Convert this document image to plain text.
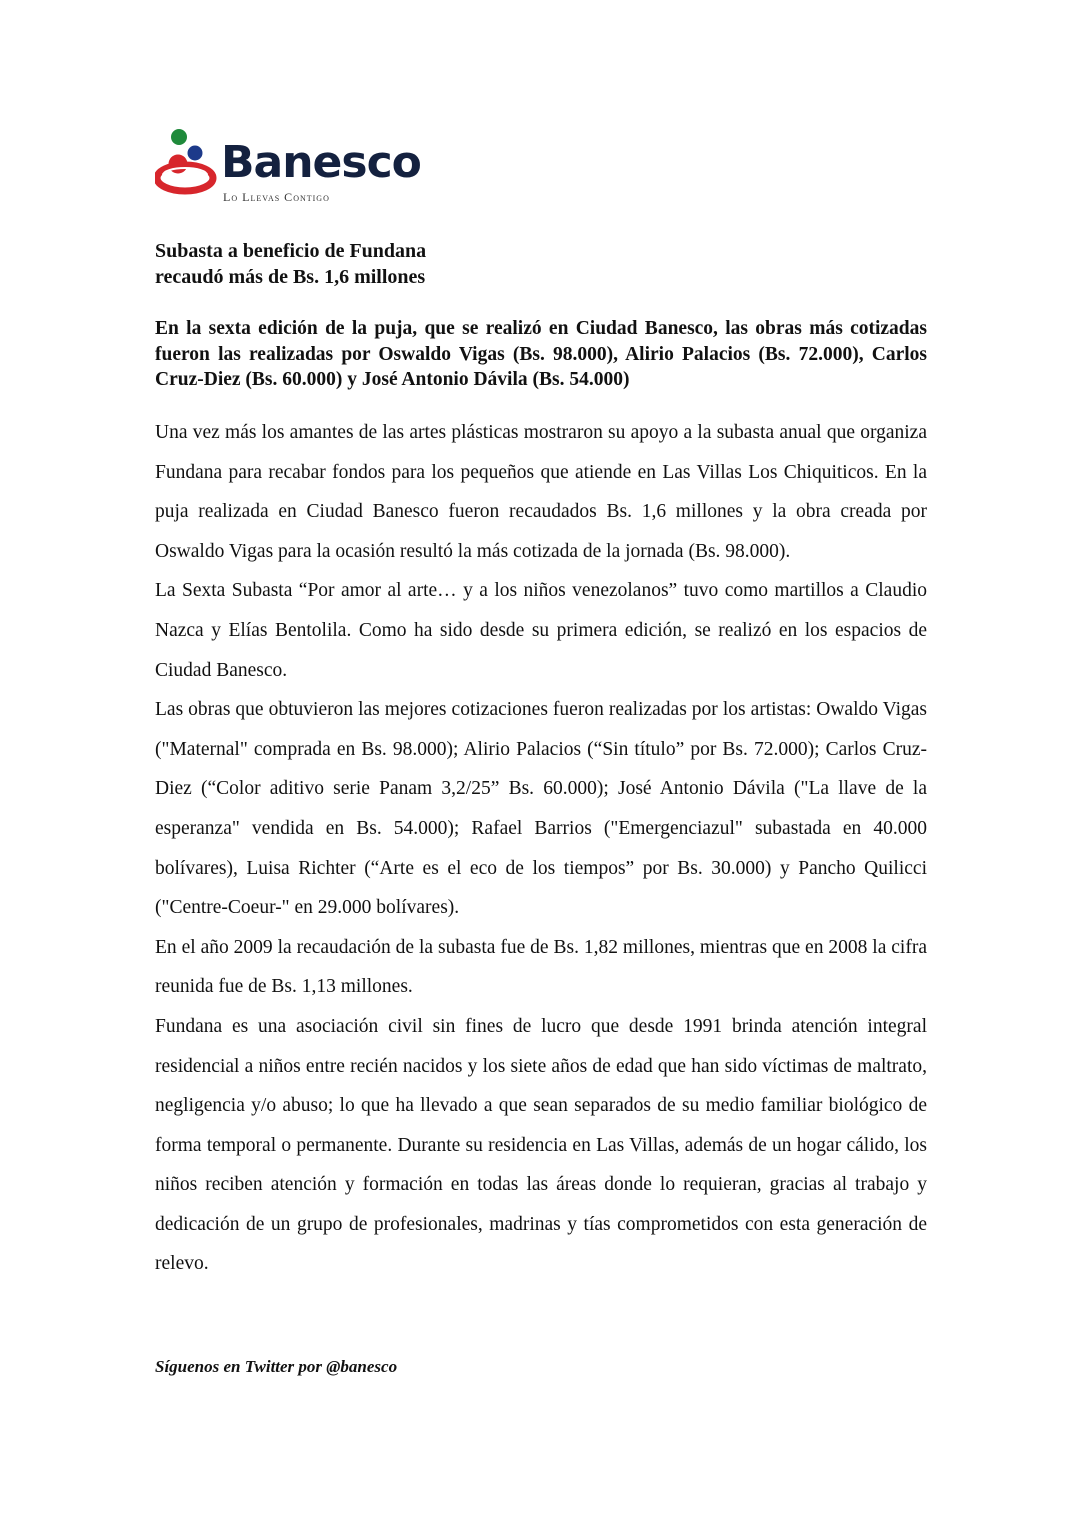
Banesco
Lo Llevas Contigo
Subasta a beneficio de Fundana
recaudó más de Bs. 1,6 millones
En la sexta edición de la puja, que se realizó en Ciudad Banesco, las obras más cotizadas fueron las realizadas por Oswaldo Vigas (Bs. 98.000), Alirio Palacios (Bs. 72.000), Carlos Cruz-Diez (Bs. 60.000) y José Antonio Dávila (Bs. 54.000)

Una vez más los amantes de las artes plásticas mostraron su apoyo a la subasta anual que organiza Fundana para recabar fondos para los pequeños que atiende en Las Villas Los Chiquiticos. En la puja realizada en Ciudad Banesco fueron recaudados Bs. 1,6 millones y la obra creada por Oswaldo Vigas para la ocasión resultó la más cotizada de la jornada (Bs. 98.000).

La Sexta Subasta “Por amor al arte… y a los niños venezolanos” tuvo como martillos a Claudio Nazca y Elías Bentolila. Como ha sido desde su primera edición, se realizó en los espacios de Ciudad Banesco.

Las obras que obtuvieron las mejores cotizaciones fueron realizadas por los artistas: Owaldo Vigas ("Maternal" comprada en Bs. 98.000); Alirio Palacios (“Sin título” por Bs. 72.000); Carlos Cruz-Diez (“Color aditivo serie Panam 3,2/25” Bs. 60.000); José Antonio Dávila ("La llave de la esperanza" vendida en Bs. 54.000); Rafael Barrios ("Emergenciazul" subastada en 40.000 bolívares), Luisa Richter (“Arte es el eco de los tiempos” por Bs. 30.000) y Pancho Quilicci ("Centre-Coeur-" en 29.000 bolívares).

En el año 2009 la recaudación de la subasta fue de Bs. 1,82 millones, mientras que en 2008 la cifra reunida fue de Bs. 1,13 millones.

Fundana es una asociación civil sin fines de lucro que desde 1991 brinda atención integral residencial a niños entre recién nacidos y los siete años de edad que han sido víctimas de maltrato, negligencia y/o abuso; lo que ha llevado a que sean separados de su medio familiar biológico de forma temporal o permanente. Durante su residencia en Las Villas, además de un hogar cálido, los niños reciben atención y formación en todas las áreas donde lo requieran, gracias al trabajo y dedicación de un grupo de profesionales, madrinas y tías comprometidos con esta generación de relevo.

Síguenos en Twitter por @banesco
